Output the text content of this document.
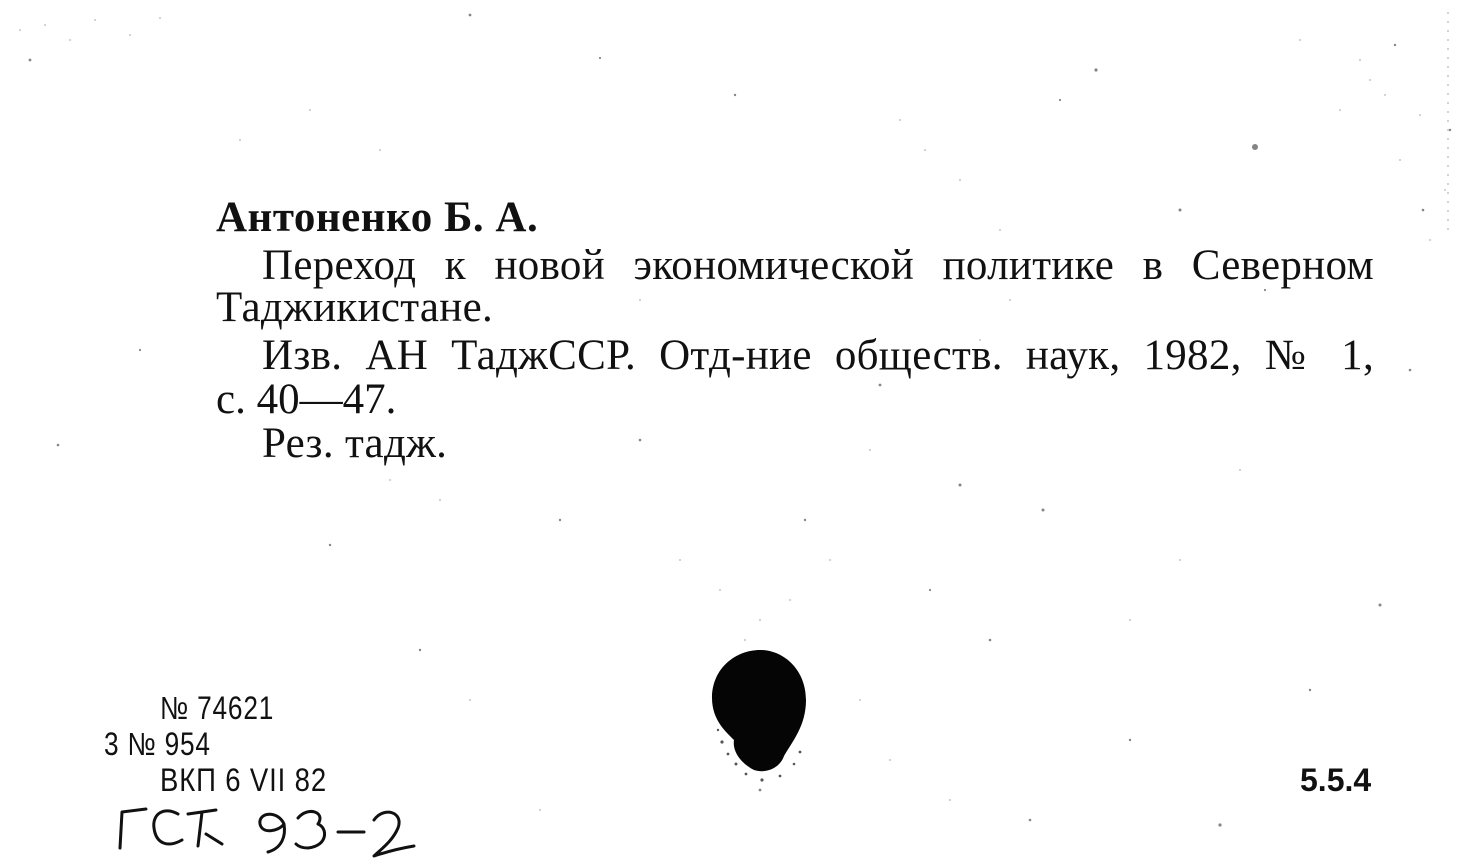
Антоненко Б. А.
Переход к новой экономической политике в Северном
Таджикистане.
Изв. АН ТаджССР. Отд-ние обществ. наук, 1982, № 1,
с. 40—47.
Рез. тадж.
№ 74621
3 № 954
ВКП 6 VII 82	5.5.4
